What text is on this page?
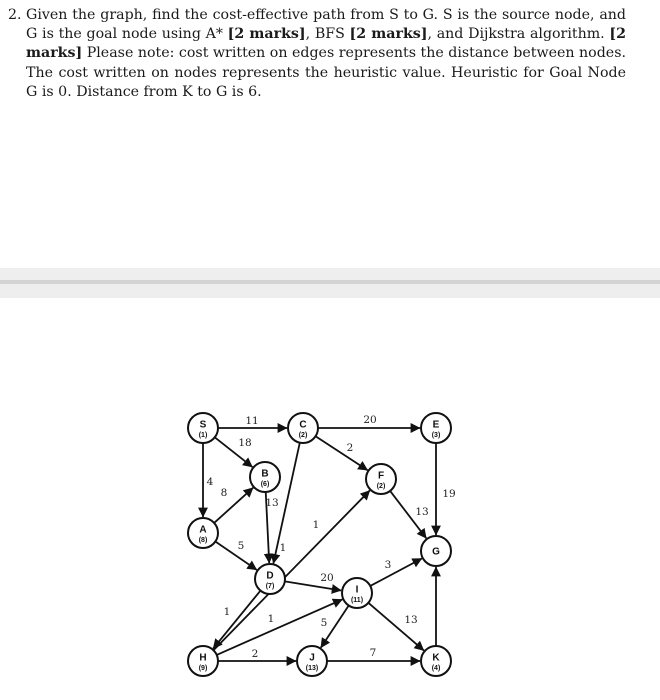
2. Given the graph, find the cost-effective path from S to G. S is the source node, and G is the goal node using A* [2 marks], BFS [2 marks], and Dijkstra algorithm. [2 marks] Please note: cost written on edges represents the distance between nodes. The cost written on nodes represents the heuristic value. Heuristic for Goal Node G is 0. Distance from K to G is 6.
11
18
4
8
13
5
20
2
1
19
13
1
20
3
5	13
1
1
2	7
S
(1)
C
(2)
E
(3)
B
(6)
F
(2)
A
(8)
G
D
(7)	I
(11)
H
(9)
J
(13)
K
(4)
